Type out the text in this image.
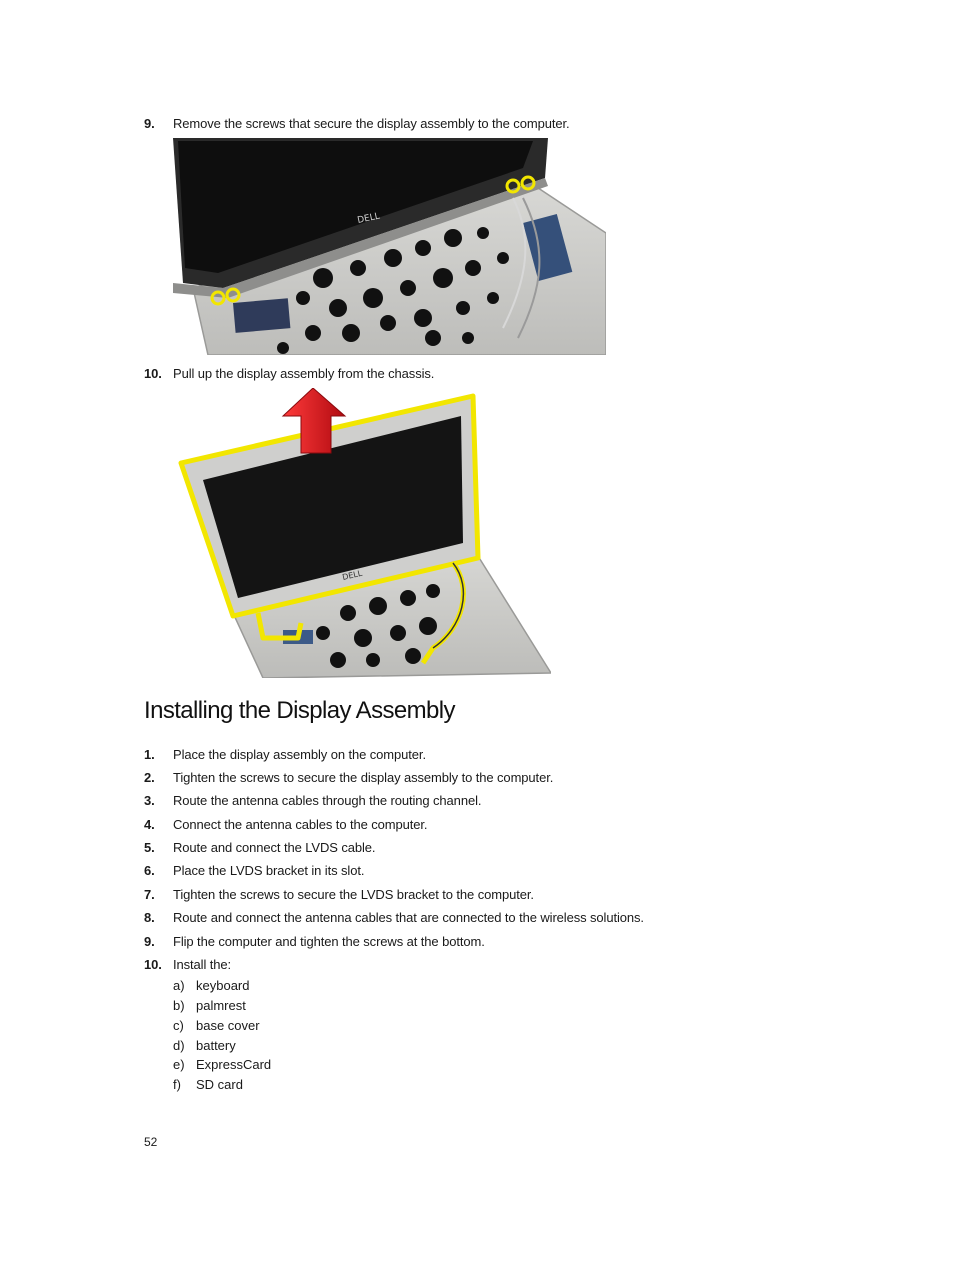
9. Remove the screws that secure the display assembly to the computer.
DELL
10. Pull up the display assembly from the chassis.
DELL
Installing the Display Assembly
1. Place the display assembly on the computer.
2. Tighten the screws to secure the display assembly to the computer.
3. Route the antenna cables through the routing channel.
4. Connect the antenna cables to the computer.
5. Route and connect the LVDS cable.
6. Place the LVDS bracket in its slot.
7. Tighten the screws to secure the LVDS bracket to the computer.
8. Route and connect the antenna cables that are connected to the wireless solutions.
9. Flip the computer and tighten the screws at the bottom.
10. Install the:
a) keyboard
b) palmrest
c) base cover
d) battery
e) ExpressCard
f) SD card
52
